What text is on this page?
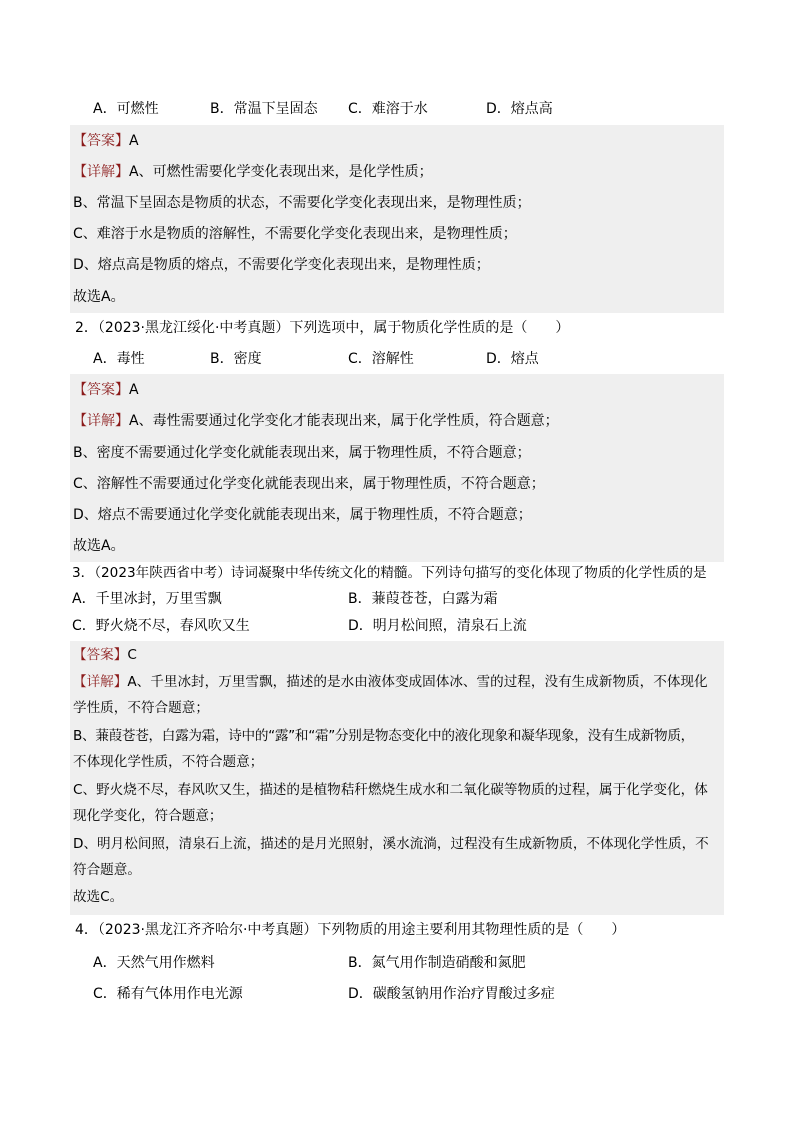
A．可燃性	B．常温下呈固态 C．难溶于水	D．熔点高
【答案】A
【详解】A、可燃性需要化学变化表现出来，是化学性质；
B、常温下呈固态是物质的状态，不需要化学变化表现出来，是物理性质；
C、难溶于水是物质的溶解性，不需要化学变化表现出来，是物理性质；
D、熔点高是物质的熔点，不需要化学变化表现出来，是物理性质；
故选A。
2．（2023·黑龙江绥化·中考真题）下列选项中，属于物质化学性质的是（　　）
A．毒性	B．密度	C．溶解性	D．熔点
【答案】A
【详解】A、毒性需要通过化学变化才能表现出来，属于化学性质，符合题意；
B、密度不需要通过化学变化就能表现出来，属于物理性质，不符合题意；
C、溶解性不需要通过化学变化就能表现出来，属于物理性质，不符合题意；
D、熔点不需要通过化学变化就能表现出来，属于物理性质，不符合题意；
故选A。
3．（2023年陕西省中考）诗词凝聚中华传统文化的精髓。下列诗句描写的变化体现了物质的化学性质的是
A．千里冰封，万里雪飘	B．蒹葭苍苍，白露为霜
C．野火烧不尽，春风吹又生	D．明月松间照，清泉石上流
【答案】C
【详解】A、千里冰封，万里雪飘，描述的是水由液体变成固体冰、雪的过程，没有生成新物质，不体现化
学性质，不符合题意；
B、蒹葭苍苍，白露为霜，诗中的“露”和“霜”分别是物态变化中的液化现象和凝华现象，没有生成新物质，
不体现化学性质，不符合题意；
C、野火烧不尽，春风吹又生，描述的是植物秸秆燃烧生成水和二氧化碳等物质的过程，属于化学变化，体
现化学变化，符合题意；
D、明月松间照，清泉石上流，描述的是月光照射，溪水流淌，过程没有生成新物质，不体现化学性质，不
符合题意。
故选C。
4．（2023·黑龙江齐齐哈尔·中考真题）下列物质的用途主要利用其物理性质的是（　　）
A．天然气用作燃料	B．氮气用作制造硝酸和氮肥
C．稀有气体用作电光源	D．碳酸氢钠用作治疗胃酸过多症
